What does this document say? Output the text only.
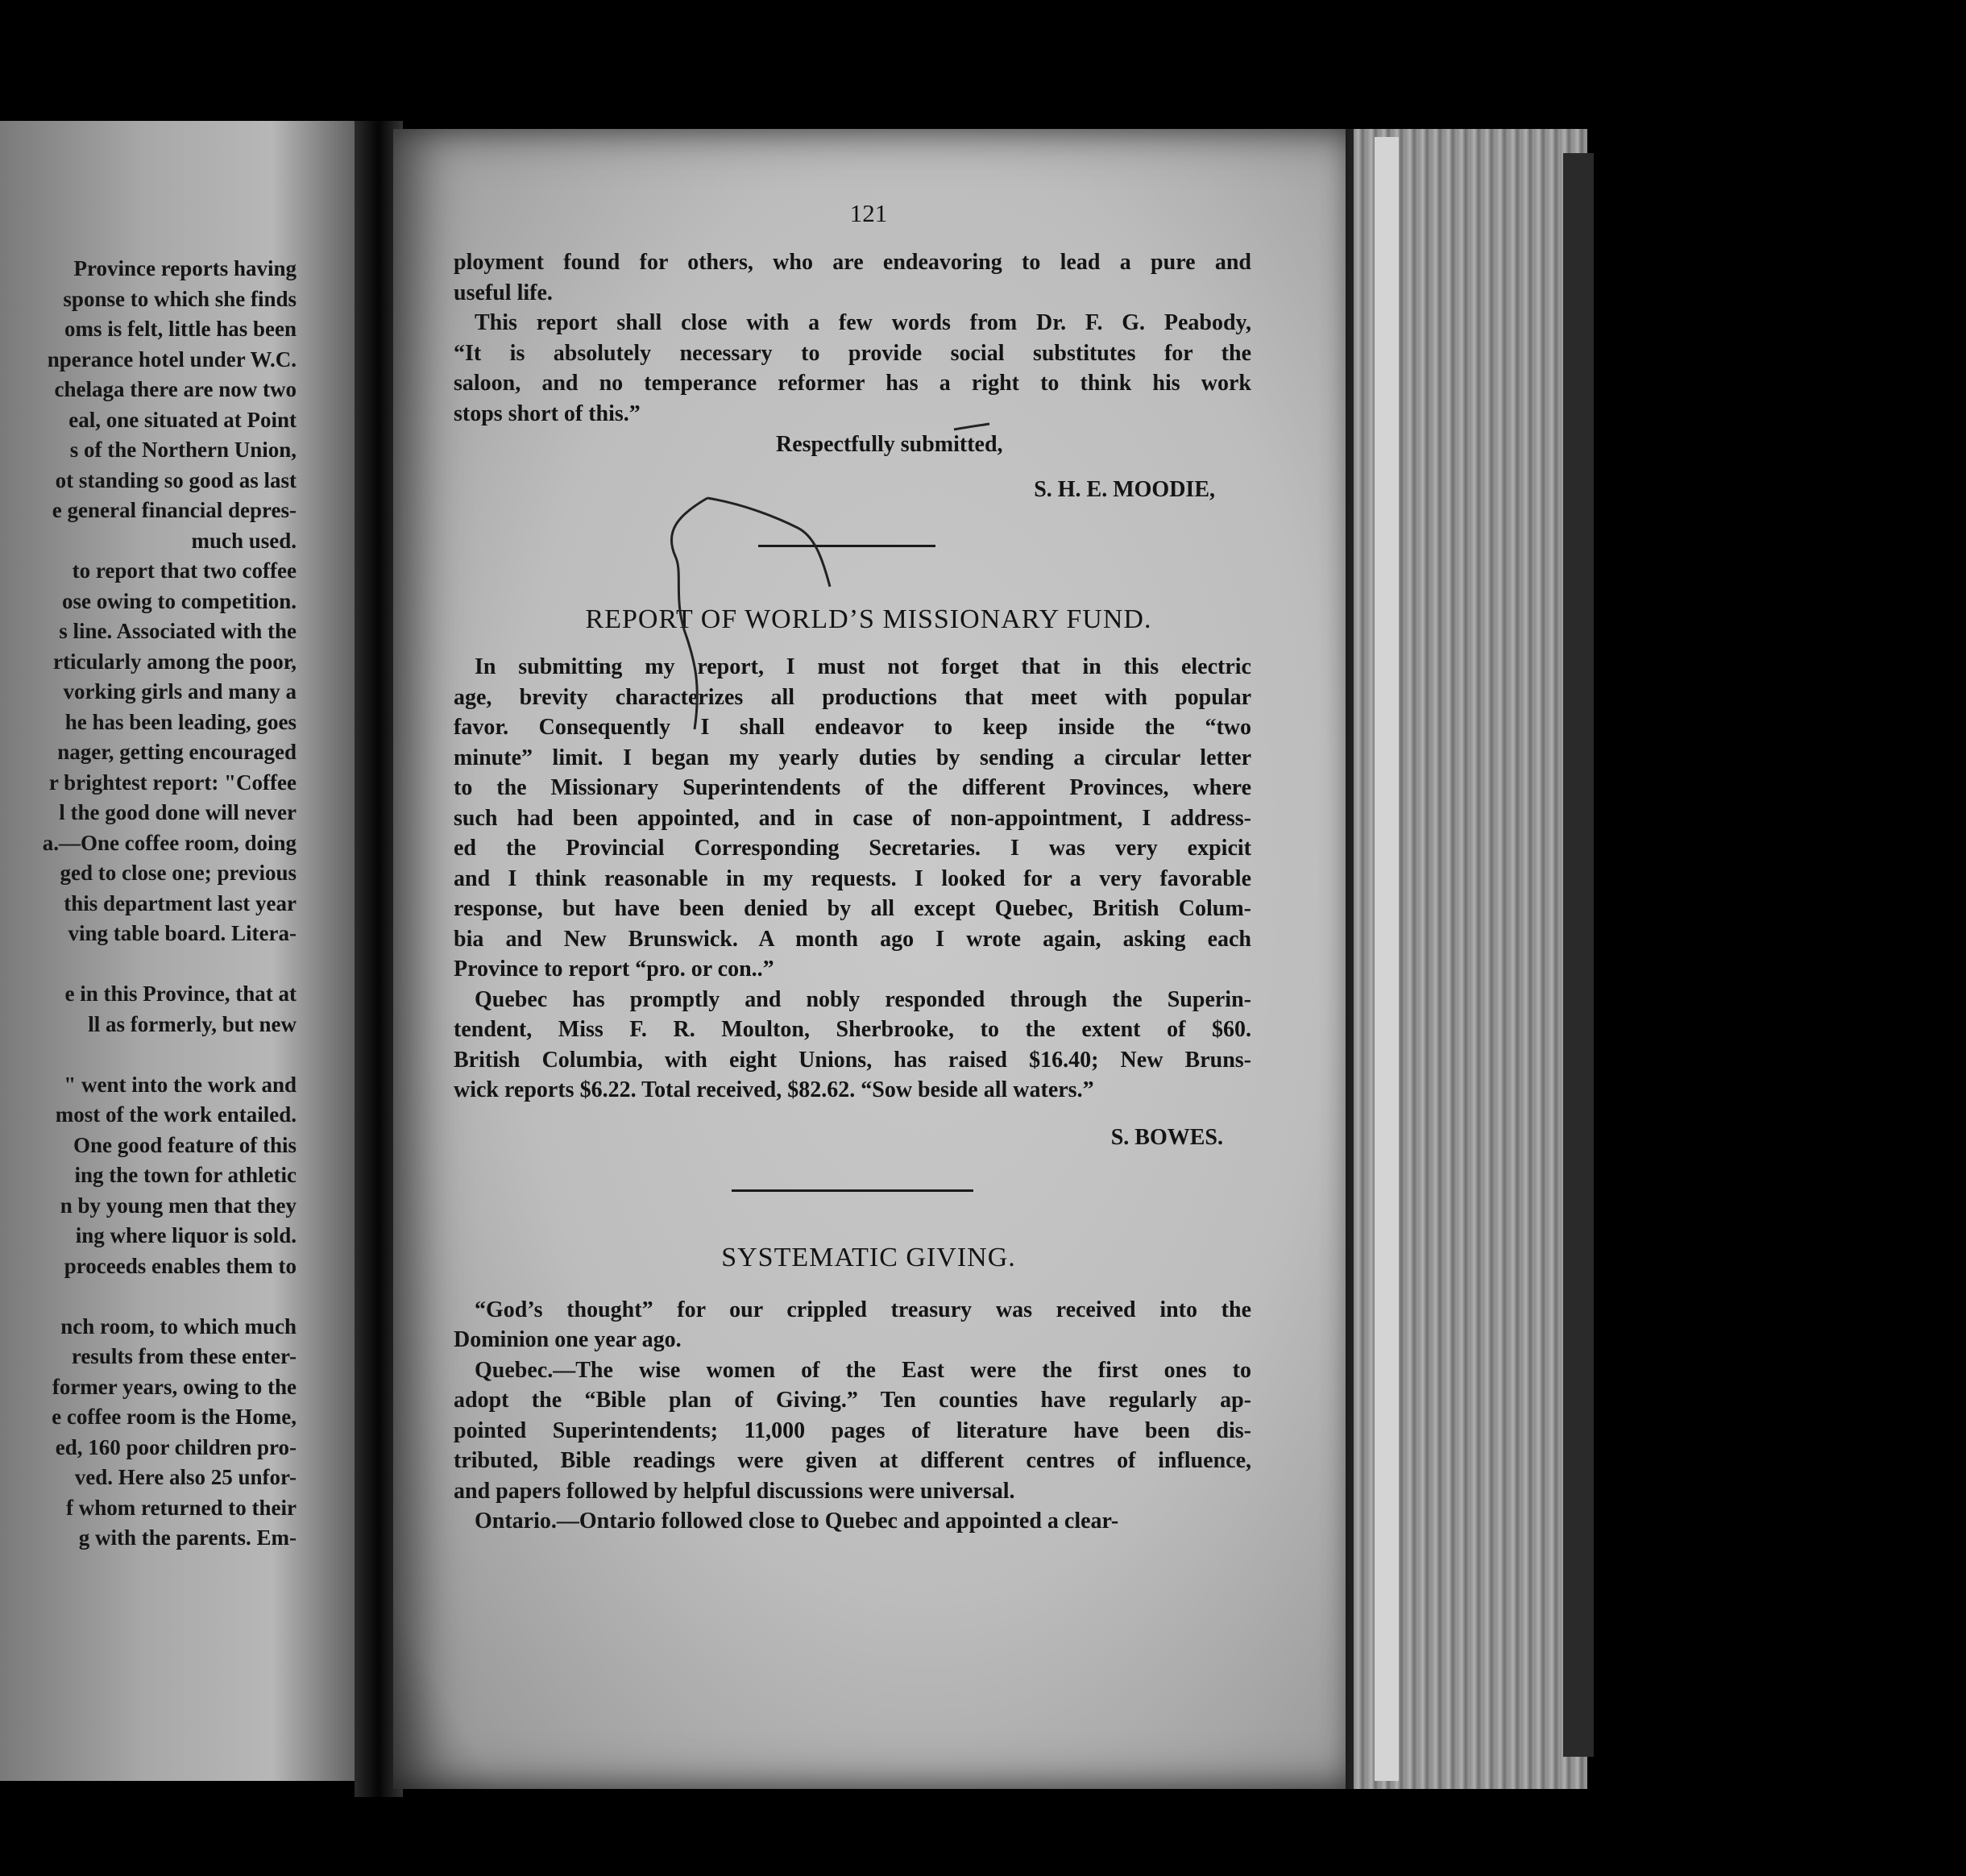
Province reports having
sponse to which she finds
oms is felt, little has been
nperance hotel under W.C.
chelaga there are now two
eal, one situated at Point
s of the Northern Union,
ot standing so good as last
e general financial depres-
much used.
to report that two coffee
ose owing to competition.
s line. Associated with the
rticularly among the poor,
vorking girls and many a
he has been leading, goes
nager, getting encouraged
r brightest report: "Coffee
l the good done will never
a.—One coffee room, doing
ged to close one; previous
this department last year
ving table board. Litera-
e in this Province, that at
ll as formerly, but new
" went into the work and
most of the work entailed.
One good feature of this
ing the town for athletic
n by young men that they
ing where liquor is sold.
proceeds enables them to
nch room, to which much
results from these enter-
former years, owing to the
e coffee room is the Home,
ed, 160 poor children pro-
ved. Here also 25 unfor-
f whom returned to their
g with the parents. Em-
121
ployment found for others, who are endeavoring to lead a pure and
useful life.
This report shall close with a few words from Dr. F. G. Peabody,
“It is absolutely necessary to provide social substitutes for the
saloon, and no temperance reformer has a right to think his work
stops short of this.”
Respectfully submitted,
S. H. E. MOODIE,
REPORT OF WORLD’S MISSIONARY FUND.
In submitting my report, I must not forget that in this electric
age, brevity characterizes all productions that meet with popular
favor. Consequently I shall endeavor to keep inside the “two
minute” limit. I began my yearly duties by sending a circular letter
to the Missionary Superintendents of the different Provinces, where
such had been appointed, and in case of non-appointment, I address-
ed the Provincial Corresponding Secretaries. I was very expicit
and I think reasonable in my requests. I looked for a very favorable
response, but have been denied by all except Quebec, British Colum-
bia and New Brunswick. A month ago I wrote again, asking each
Province to report “pro. or con..”
Quebec has promptly and nobly responded through the Superin-
tendent, Miss F. R. Moulton, Sherbrooke, to the extent of $60.
British Columbia, with eight Unions, has raised $16.40; New Bruns-
wick reports $6.22. Total received, $82.62. “Sow beside all waters.”
S. BOWES.
SYSTEMATIC GIVING.
“God’s thought” for our crippled treasury was received into the
Dominion one year ago.
Quebec.—The wise women of the East were the first ones to
adopt the “Bible plan of Giving.” Ten counties have regularly ap-
pointed Superintendents; 11,000 pages of literature have been dis-
tributed, Bible readings were given at different centres of influence,
and papers followed by helpful discussions were universal.
Ontario.—Ontario followed close to Quebec and appointed a clear-
